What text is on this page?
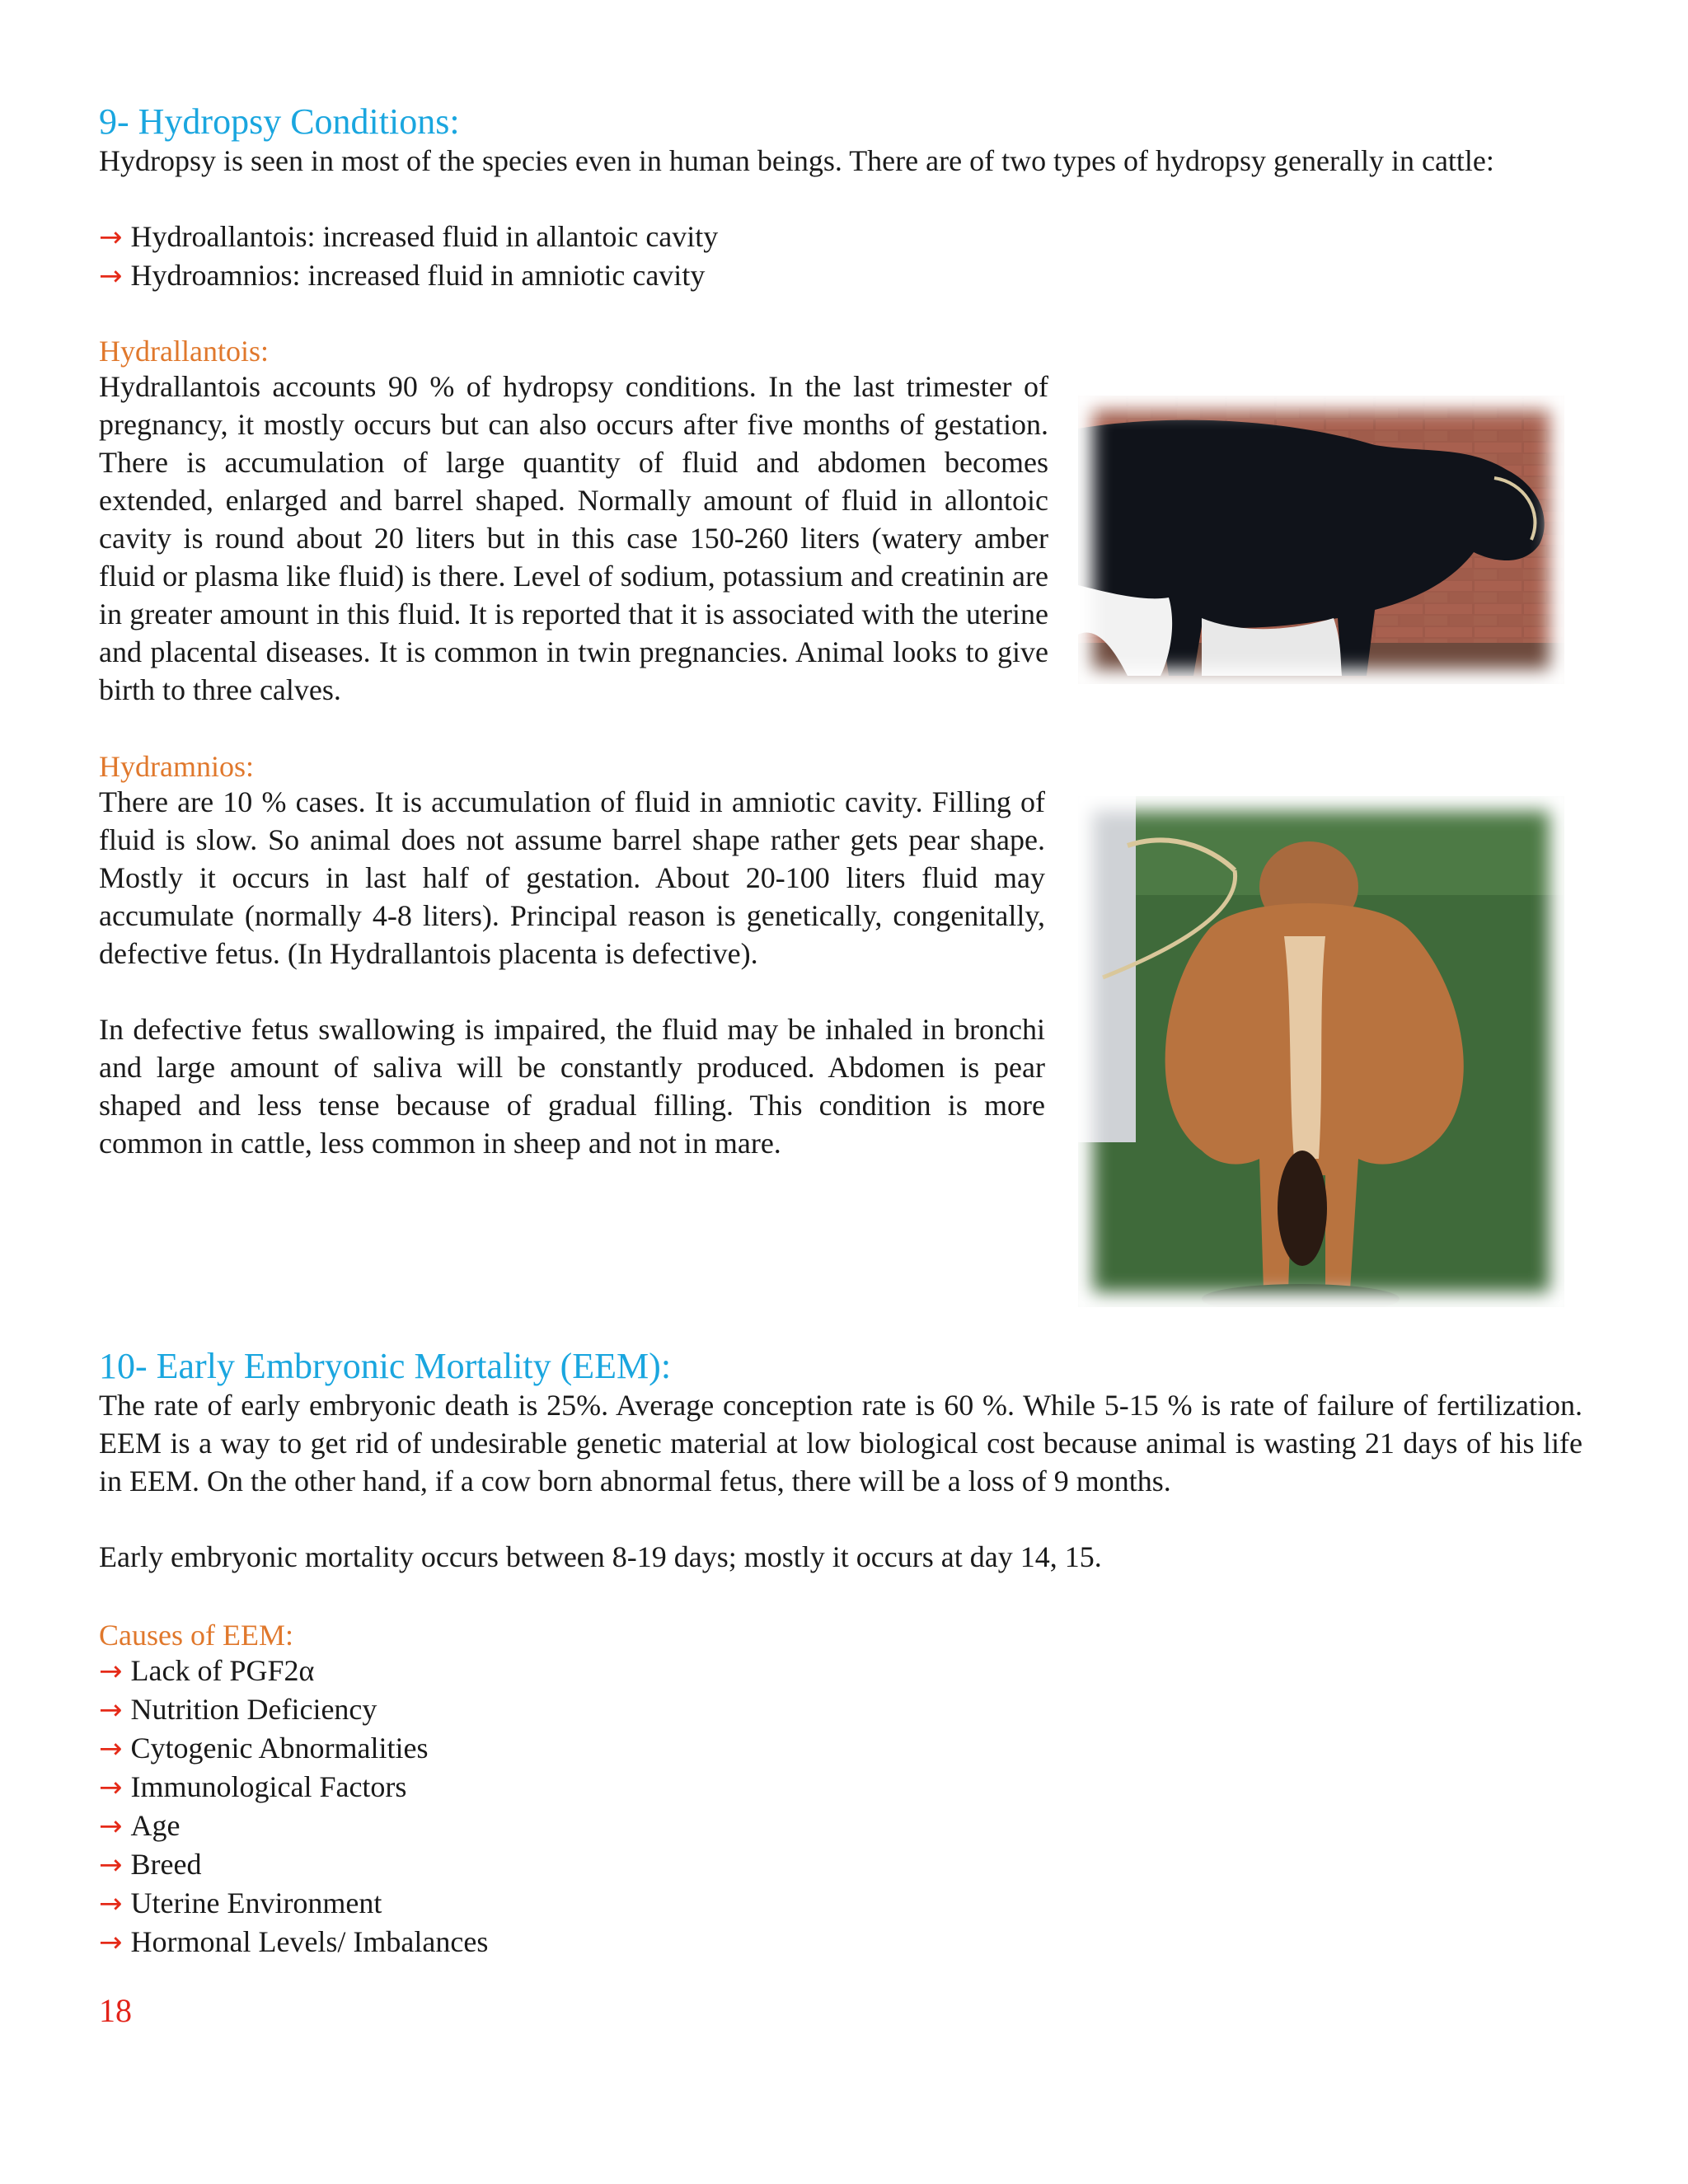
9- Hydropsy Conditions:

Hydropsy is seen in most of the species even in human beings. There are of two types of hydropsy generally in cattle:

→ Hydroallantois: increased fluid in allantoic cavity
→ Hydroamnios: increased fluid in amniotic cavity
Hydrallantois:

Hydrallantois accounts 90 % of hydropsy conditions. In the last trimester of pregnancy, it mostly occurs but can also occurs after five months of gestation. There is accumulation of large quantity of fluid and abdomen becomes extended, enlarged and barrel shaped. Normally amount of fluid in allontoic cavity is round about 20 liters but in this case 150-260 liters (watery amber fluid or plasma like fluid) is there. Level of sodium, potassium and creatinin are in greater amount in this fluid. It is reported that it is associated with the uterine and placental diseases. It is common in twin pregnancies. Animal looks to give birth to three calves.

Hydramnios:

There are 10 % cases. It is accumulation of fluid in amniotic cavity. Filling of fluid is slow. So animal does not assume barrel shape rather gets pear shape. Mostly it occurs in last half of gestation. About 20-100 liters fluid may accumulate (normally 4-8 liters). Principal reason is genetically, congenitally, defective fetus. (In Hydrallantois placenta is defective).

In defective fetus swallowing is impaired, the fluid may be inhaled in bronchi and large amount of saliva will be constantly produced. Abdomen is pear shaped and less tense because of gradual filling. This condition is more common in cattle, less common in sheep and not in mare.

10- Early Embryonic Mortality (EEM):

The rate of early embryonic death is 25%. Average conception rate is 60 %. While 5-15 % is rate of failure of fertilization. EEM is a way to get rid of undesirable genetic material at low biological cost because animal is wasting 21 days of his life in EEM. On the other hand, if a cow born abnormal fetus, there will be a loss of 9 months.

Early embryonic mortality occurs between 8-19 days; mostly it occurs at day 14, 15.

Causes of EEM:
→ Lack of PGF2α
→ Nutrition Deficiency
→ Cytogenic Abnormalities
→ Immunological Factors
→ Age
→ Breed
→ Uterine Environment
→ Hormonal Levels/ Imbalances
18
